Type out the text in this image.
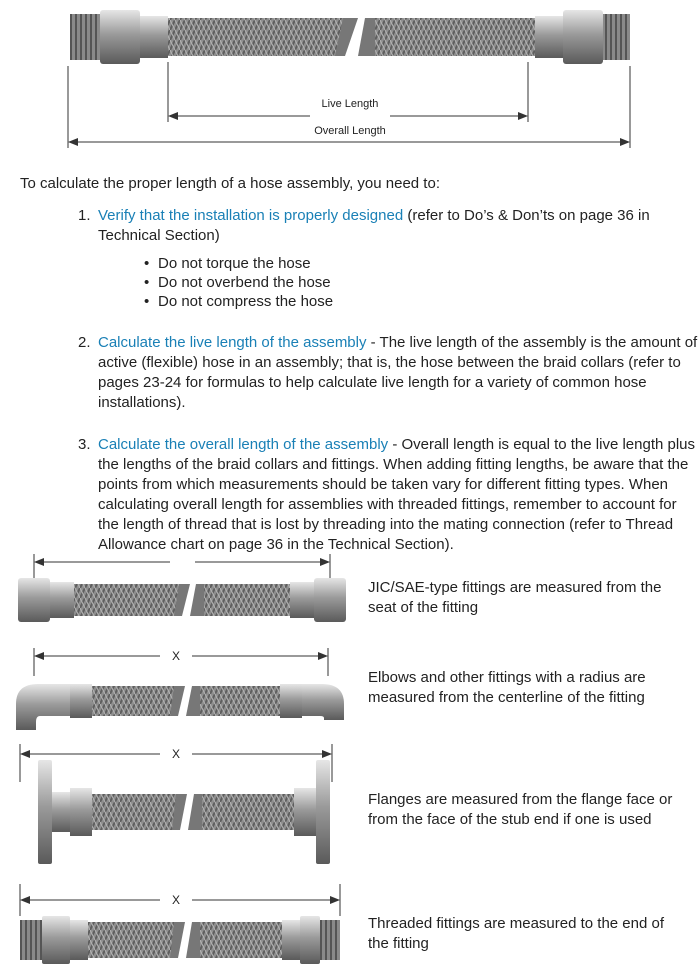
Live Length
Overall Length
To calculate the proper length of a hose assembly, you need to:
1. Verify that the installation is properly designed (refer to Do’s & Don’ts on page 36 in Technical Section)
• Do not torque the hose
• Do not overbend the hose
• Do not compress the hose
2. Calculate the live length of the assembly - The live length of the assembly is the amount of active (flexible) hose in an assembly; that is, the hose between the braid collars (refer to pages 23-24 for formulas to help calculate live length for a variety of common hose installations).
3. Calculate the overall length of the assembly - Overall length is equal to the live length plus the lengths of the braid collars and fittings. When adding fitting lengths, be aware that the points from which measurements should be taken vary for different fitting types. When calculating overall length for assemblies with threaded fittings, remember to account for the length of thread that is lost by threading into the mating connection (refer to Thread Allowance chart on page 36 in the Technical Section).
JIC/SAE-type fittings are measured from the seat of the fitting
X
Elbows and other fittings with a radius are measured from the centerline of the fitting
X
Flanges are measured from the flange face or from the face of the stub end if one is used
X
Threaded fittings are measured to the end of the fitting
